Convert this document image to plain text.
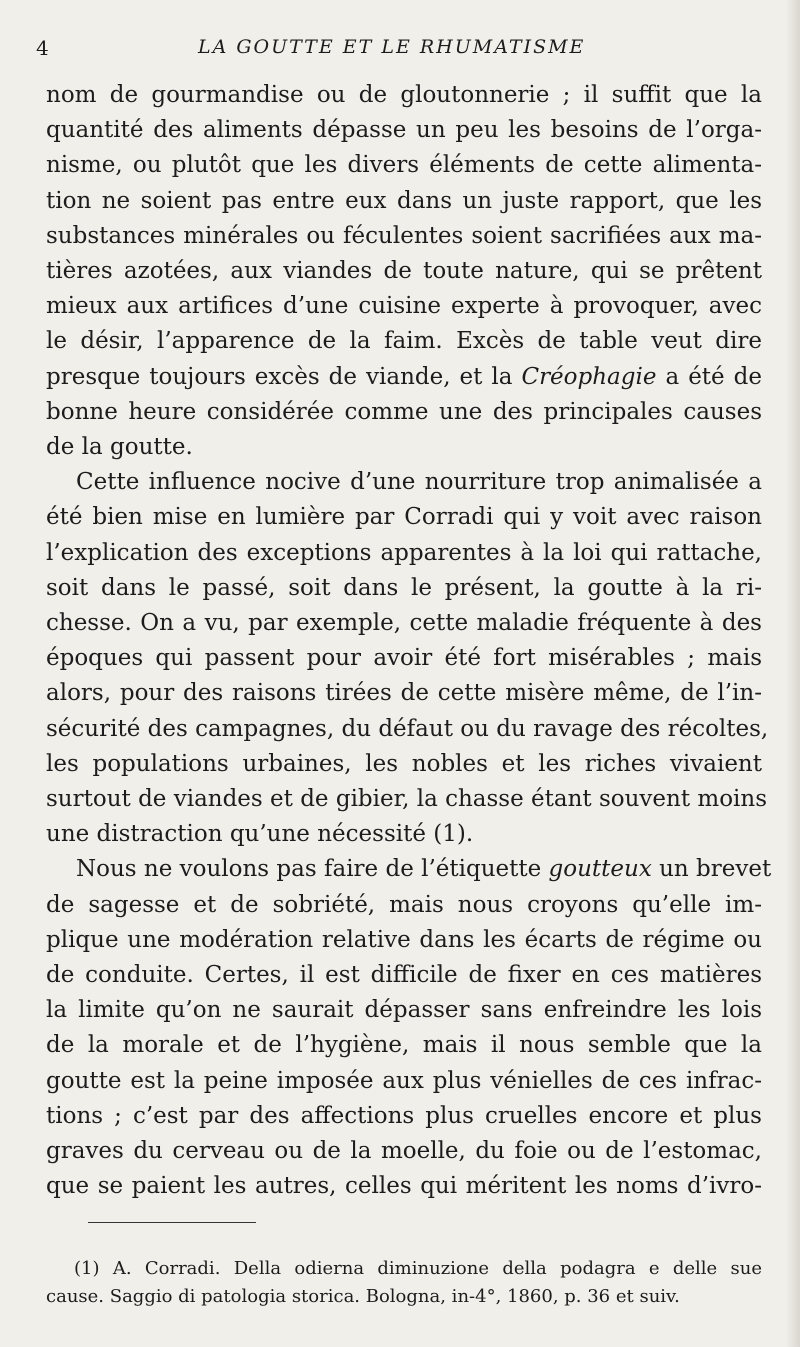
4	LA GOUTTE ET LE RHUMATISME
nom de gourmandise ou de gloutonnerie ; il suffit que la
quantité des aliments dépasse un peu les besoins de l’orga-
nisme, ou plutôt que les divers éléments de cette alimenta-
tion ne soient pas entre eux dans un juste rapport, que les
substances minérales ou féculentes soient sacrifiées aux ma-
tières azotées, aux viandes de toute nature, qui se prêtent
mieux aux artifices d’une cuisine experte à provoquer, avec
le désir, l’apparence de la faim. Excès de table veut dire
presque toujours excès de viande, et la Créophagie a été de
bonne heure considérée comme une des principales causes
de la goutte.
Cette influence nocive d’une nourriture trop animalisée a
été bien mise en lumière par Corradi qui y voit avec raison
l’explication des exceptions apparentes à la loi qui rattache,
soit dans le passé, soit dans le présent, la goutte à la ri-
chesse. On a vu, par exemple, cette maladie fréquente à des
époques qui passent pour avoir été fort misérables ; mais
alors, pour des raisons tirées de cette misère même, de l’in-
sécurité des campagnes, du défaut ou du ravage des récoltes,
les populations urbaines, les nobles et les riches vivaient
surtout de viandes et de gibier, la chasse étant souvent moins
une distraction qu’une nécessité (1).
Nous ne voulons pas faire de l’étiquette goutteux un brevet
de sagesse et de sobriété, mais nous croyons qu’elle im-
plique une modération relative dans les écarts de régime ou
de conduite. Certes, il est difficile de fixer en ces matières
la limite qu’on ne saurait dépasser sans enfreindre les lois
de la morale et de l’hygiène, mais il nous semble que la
goutte est la peine imposée aux plus vénielles de ces infrac-
tions ; c’est par des affections plus cruelles encore et plus
graves du cerveau ou de la moelle, du foie ou de l’estomac,
que se paient les autres, celles qui méritent les noms d’ivro-
(1) A. Corradi. Della odierna diminuzione della podagra e delle sue
cause. Saggio di patologia storica. Bologna, in-4°, 1860, p. 36 et suiv.
